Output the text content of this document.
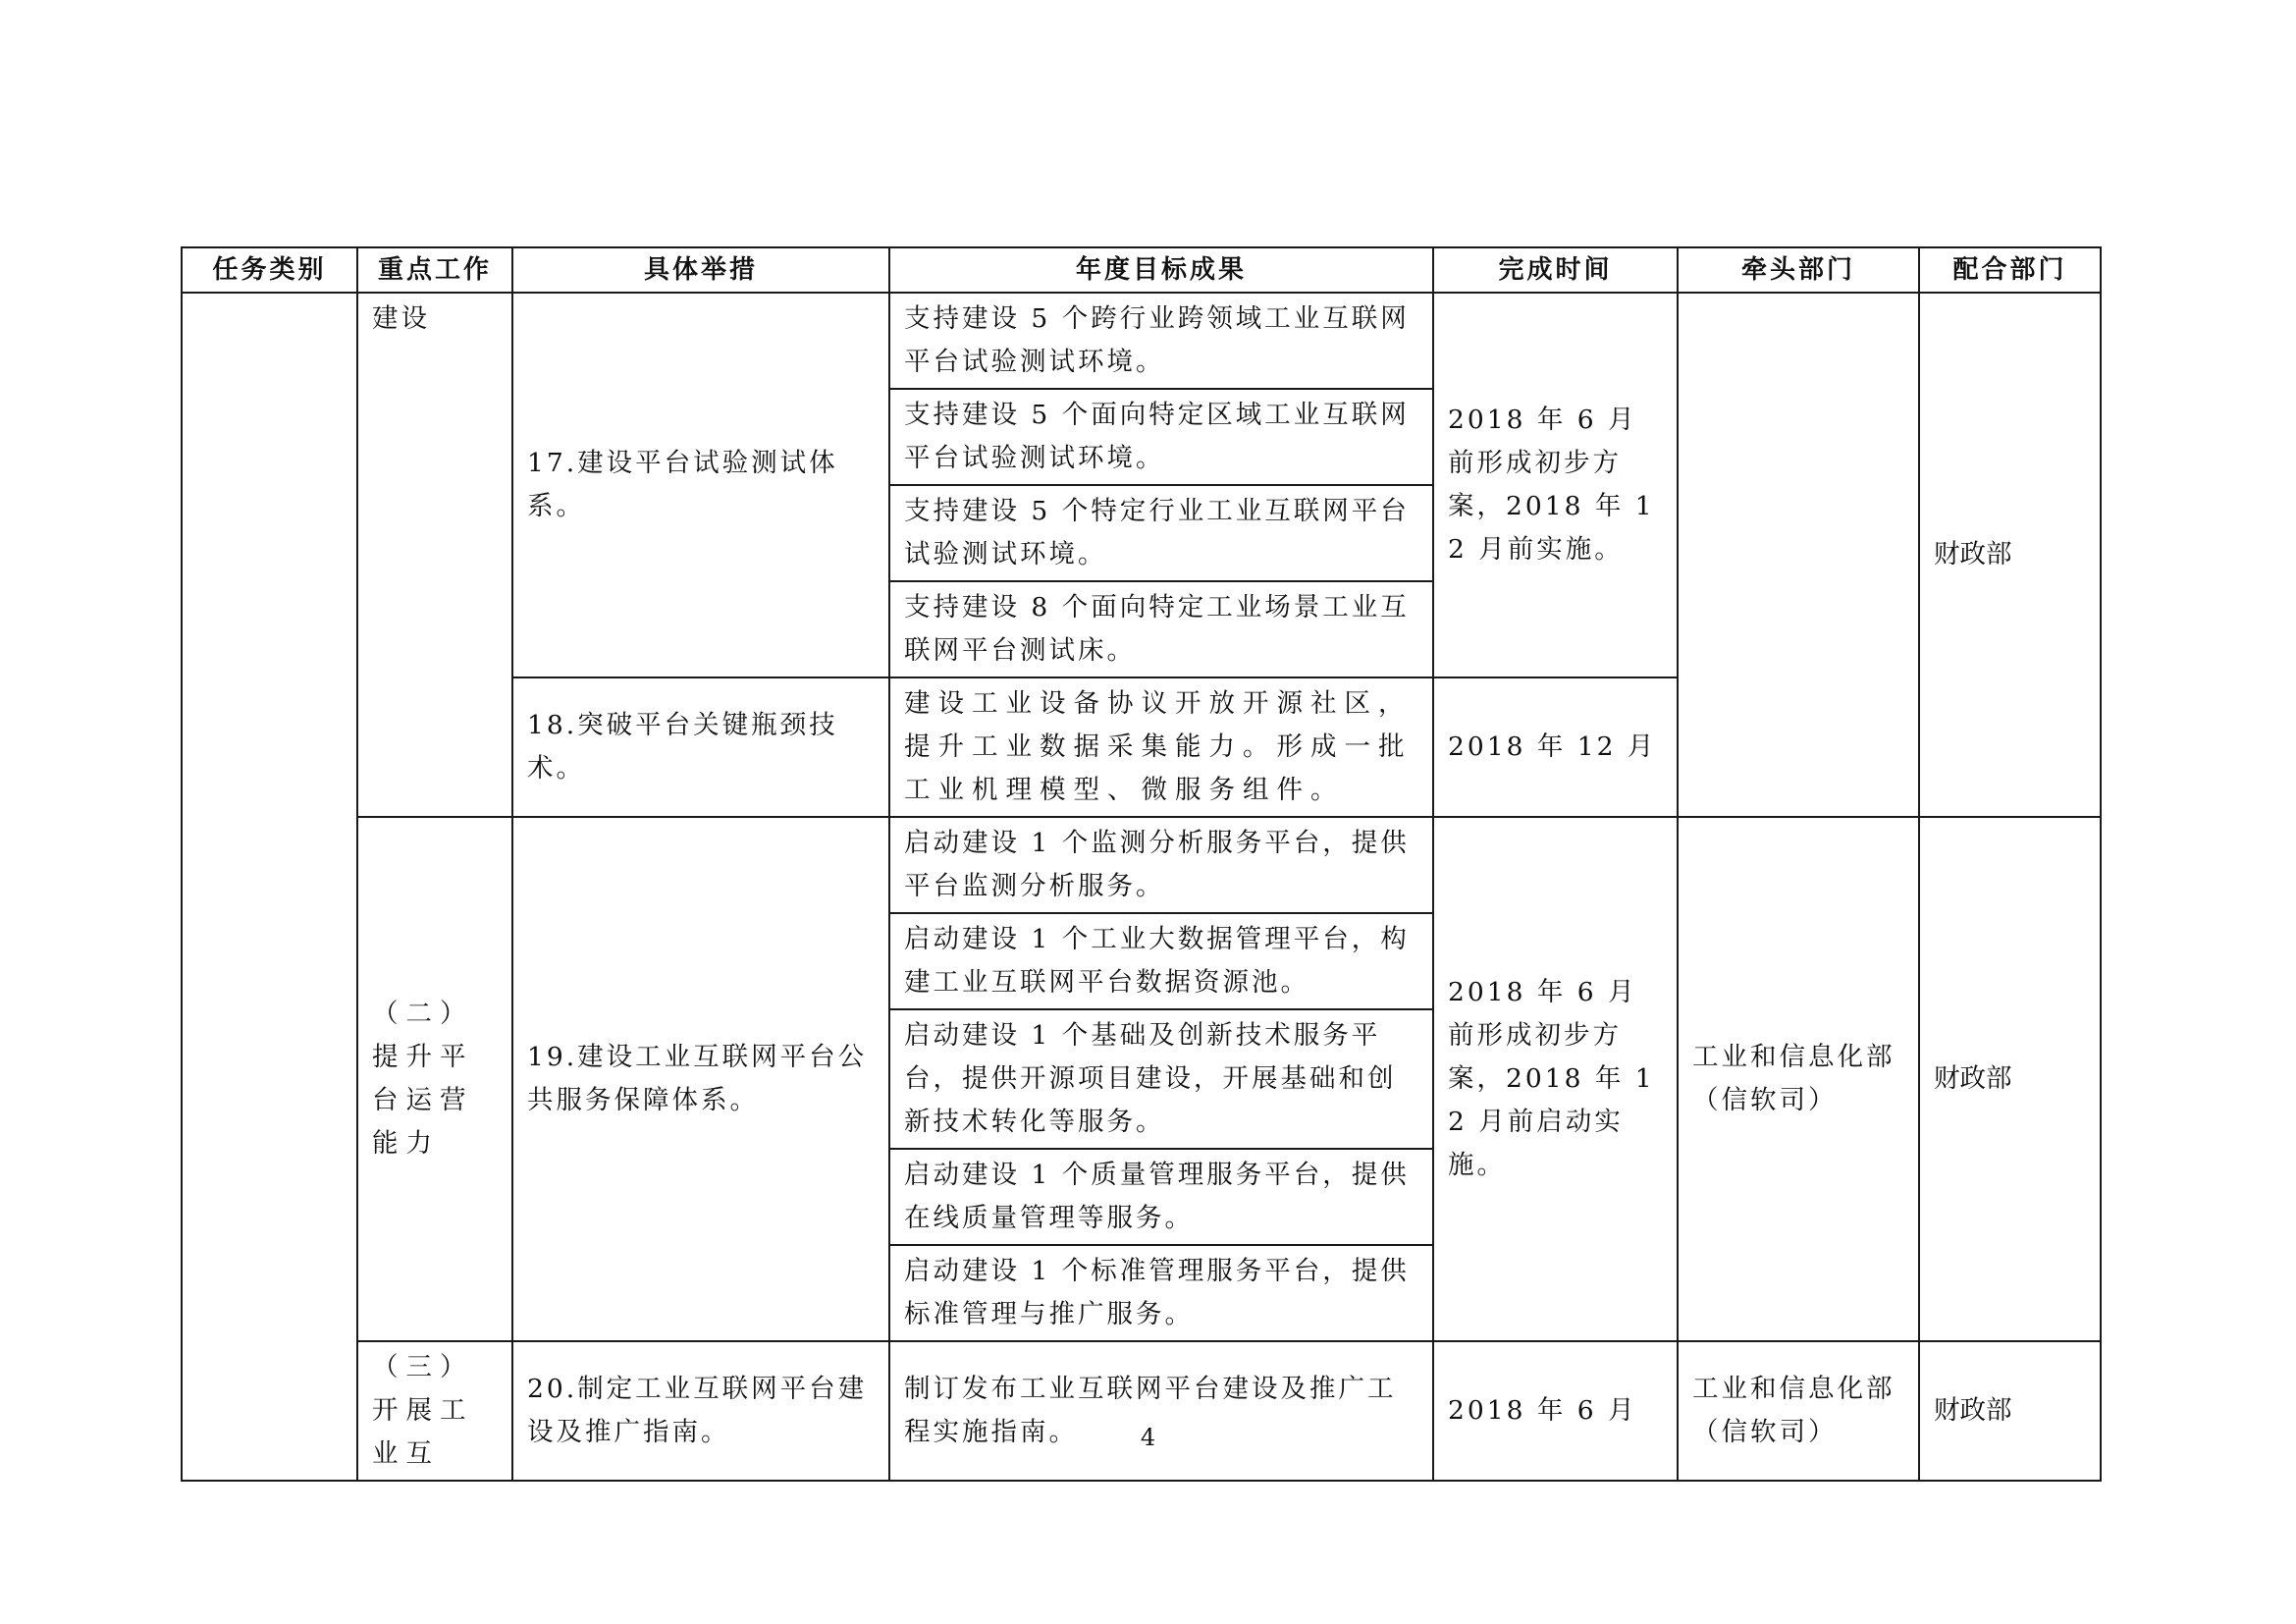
任务类别	重点工作	具体举措	年度目标成果	完成时间	牵头部门	配合部门
	建设	17.建设平台试验测试体系。	支持建设 5 个跨行业跨领域工业互联网平台试验测试环境。	2018 年 6 月前形成初步方案，2018 年 12 月前实施。		财政部
			支持建设 5 个面向特定区域工业互联网平台试验测试环境。			
			支持建设 5 个特定行业工业互联网平台试验测试环境。			
			支持建设 8 个面向特定工业场景工业互联网平台测试床。			
		18.突破平台关键瓶颈技术。	建设工业设备协议开放开源社区，提升工业数据采集能力。形成一批工业机理模型、微服务组件。	2018 年 12 月		
	（二）提升平台运营能力	19.建设工业互联网平台公共服务保障体系。	启动建设 1 个监测分析服务平台，提供平台监测分析服务。	2018 年 6 月前形成初步方案，2018 年 12 月前启动实施。	工业和信息化部（信软司）	财政部
			启动建设 1 个工业大数据管理平台，构建工业互联网平台数据资源池。			
			启动建设 1 个基础及创新技术服务平台，提供开源项目建设，开展基础和创新技术转化等服务。			
			启动建设 1 个质量管理服务平台，提供在线质量管理等服务。			
			启动建设 1 个标准管理服务平台，提供标准管理与推广服务。			
	（三）开展工业互	20.制定工业互联网平台建设及推广指南。	制订发布工业互联网平台建设及推广工程实施指南。	2018 年 6 月	工业和信息化部（信软司）	财政部
4
